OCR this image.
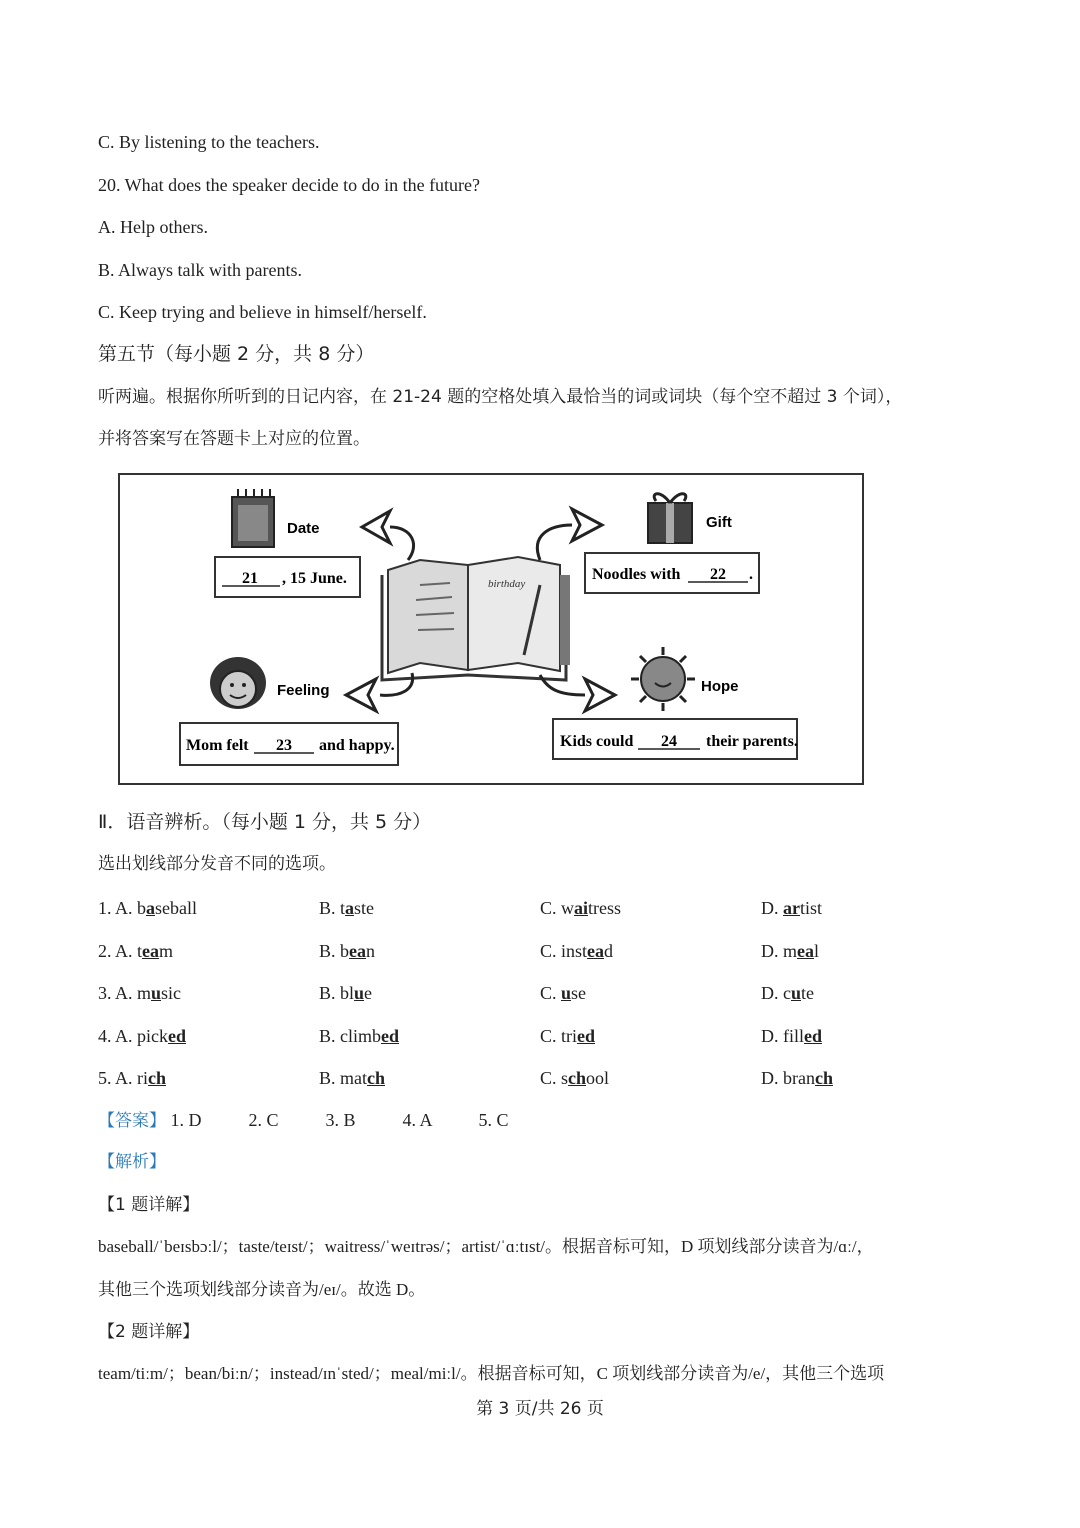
C. By listening to the teachers.
20. What does the speaker decide to do in the future?
A. Help others.
B. Always talk with parents.
C. Keep trying and believe in himself/herself.
第五节（每小题 2 分，共 8 分）
听两遍。根据你所听到的日记内容，在 21-24 题的空格处填入最恰当的词或词块（每个空不超过 3 个词），
并将答案写在答题卡上对应的位置。
birthday
Date
21 , 15 June.
Gift
Noodles with 22 .
Feeling
Mom felt 23 and happy.
Hope
Kids could 24 their parents.
Ⅱ．语音辨析。（每小题 1 分，共 5 分）
选出划线部分发音不同的选项。
1. A. baseball	B. taste	C. waitress	D. artist
2. A. team	B. bean	C. instead	D. meal
3. A. music	B. blue	C. use	D. cute
4. A. picked	B. climbed	C. tried	D. filled
5. A. rich	B. match	C. school	D. branch
【答案】 1. D	2. C	3. B	4. A	5. C
【解析】
【1 题详解】
baseball/ˈbeɪsbɔːl/；taste/teɪst/；waitress/ˈweɪtrəs/；artist/ˈɑːtɪst/。根据音标可知，D 项划线部分读音为/ɑː/，
其他三个选项划线部分读音为/eɪ/。故选 D。
【2 题详解】
team/tiːm/；bean/biːn/；instead/ɪnˈsted/；meal/miːl/。根据音标可知，C 项划线部分读音为/e/，其他三个选项
第 3 页/共 26 页
